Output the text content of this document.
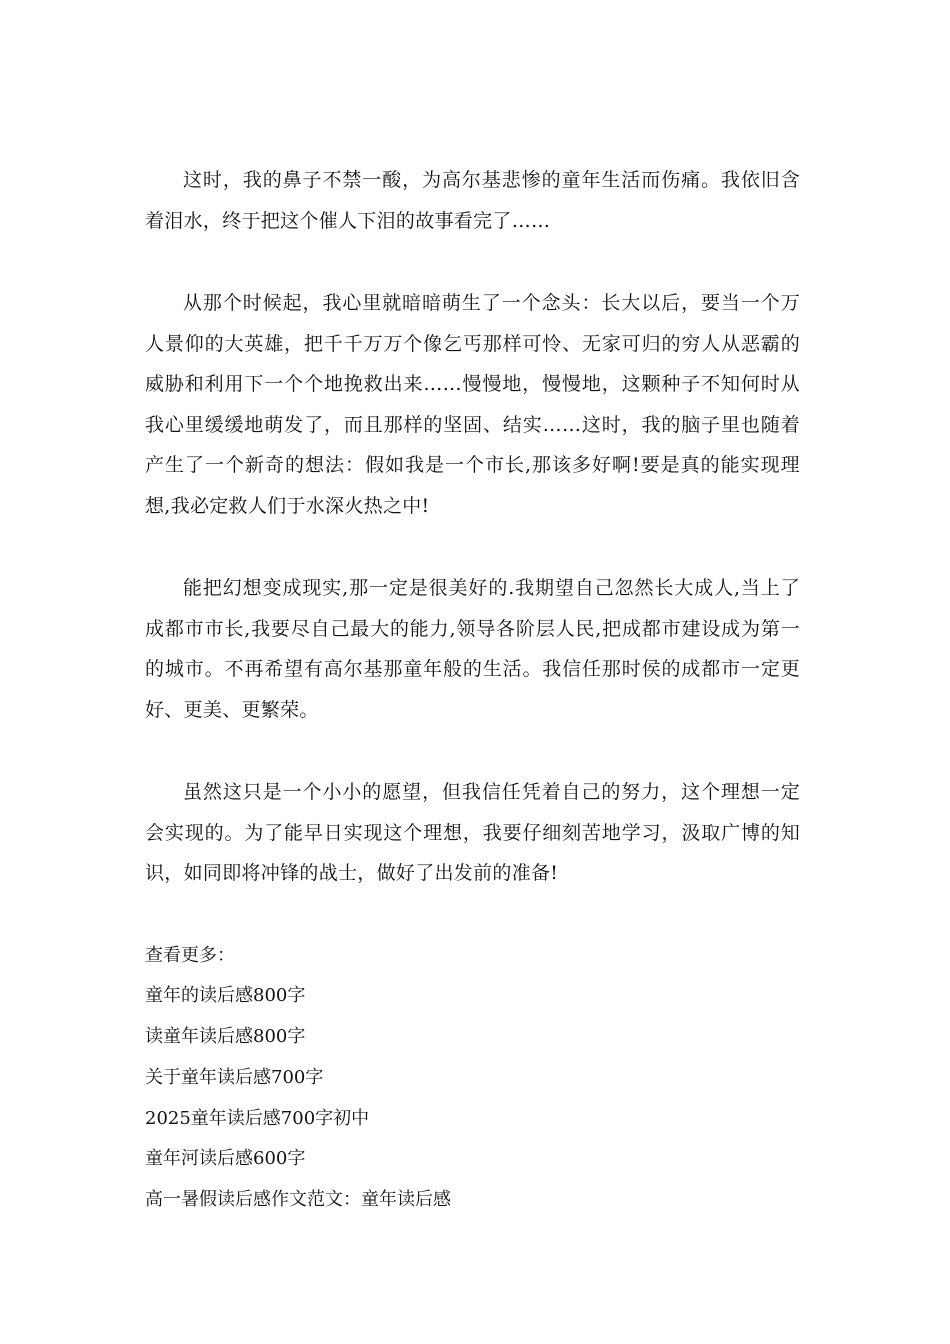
这时，我的鼻子不禁一酸，为高尔基悲惨的童年生活而伤痛。我依旧含着泪水，终于把这个催人下泪的故事看完了……

从那个时候起，我心里就暗暗萌生了一个念头：长大以后，要当一个万人景仰的大英雄，把千千万万个像乞丐那样可怜、无家可归的穷人从恶霸的威胁和利用下一个个地挽救出来……慢慢地，慢慢地，这颗种子不知何时从我心里缓缓地萌发了，而且那样的坚固、结实……这时，我的脑子里也随着产生了一个新奇的想法：假如我是一个市长,那该多好啊!要是真的能实现理想,我必定救人们于水深火热之中!

能把幻想变成现实,那一定是很美好的.我期望自己忽然长大成人,当上了成都市市长,我要尽自己最大的能力,领导各阶层人民,把成都市建设成为第一的城市。不再希望有高尔基那童年般的生活。我信任那时侯的成都市一定更好、更美、更繁荣。

虽然这只是一个小小的愿望，但我信任凭着自己的努力，这个理想一定会实现的。为了能早日实现这个理想，我要仔细刻苦地学习，汲取广博的知识，如同即将冲锋的战士，做好了出发前的准备!

查看更多：

童年的读后感800字
读童年读后感800字
关于童年读后感700字
2025童年读后感700字初中
童年河读后感600字
高一暑假读后感作文范文：童年读后感
